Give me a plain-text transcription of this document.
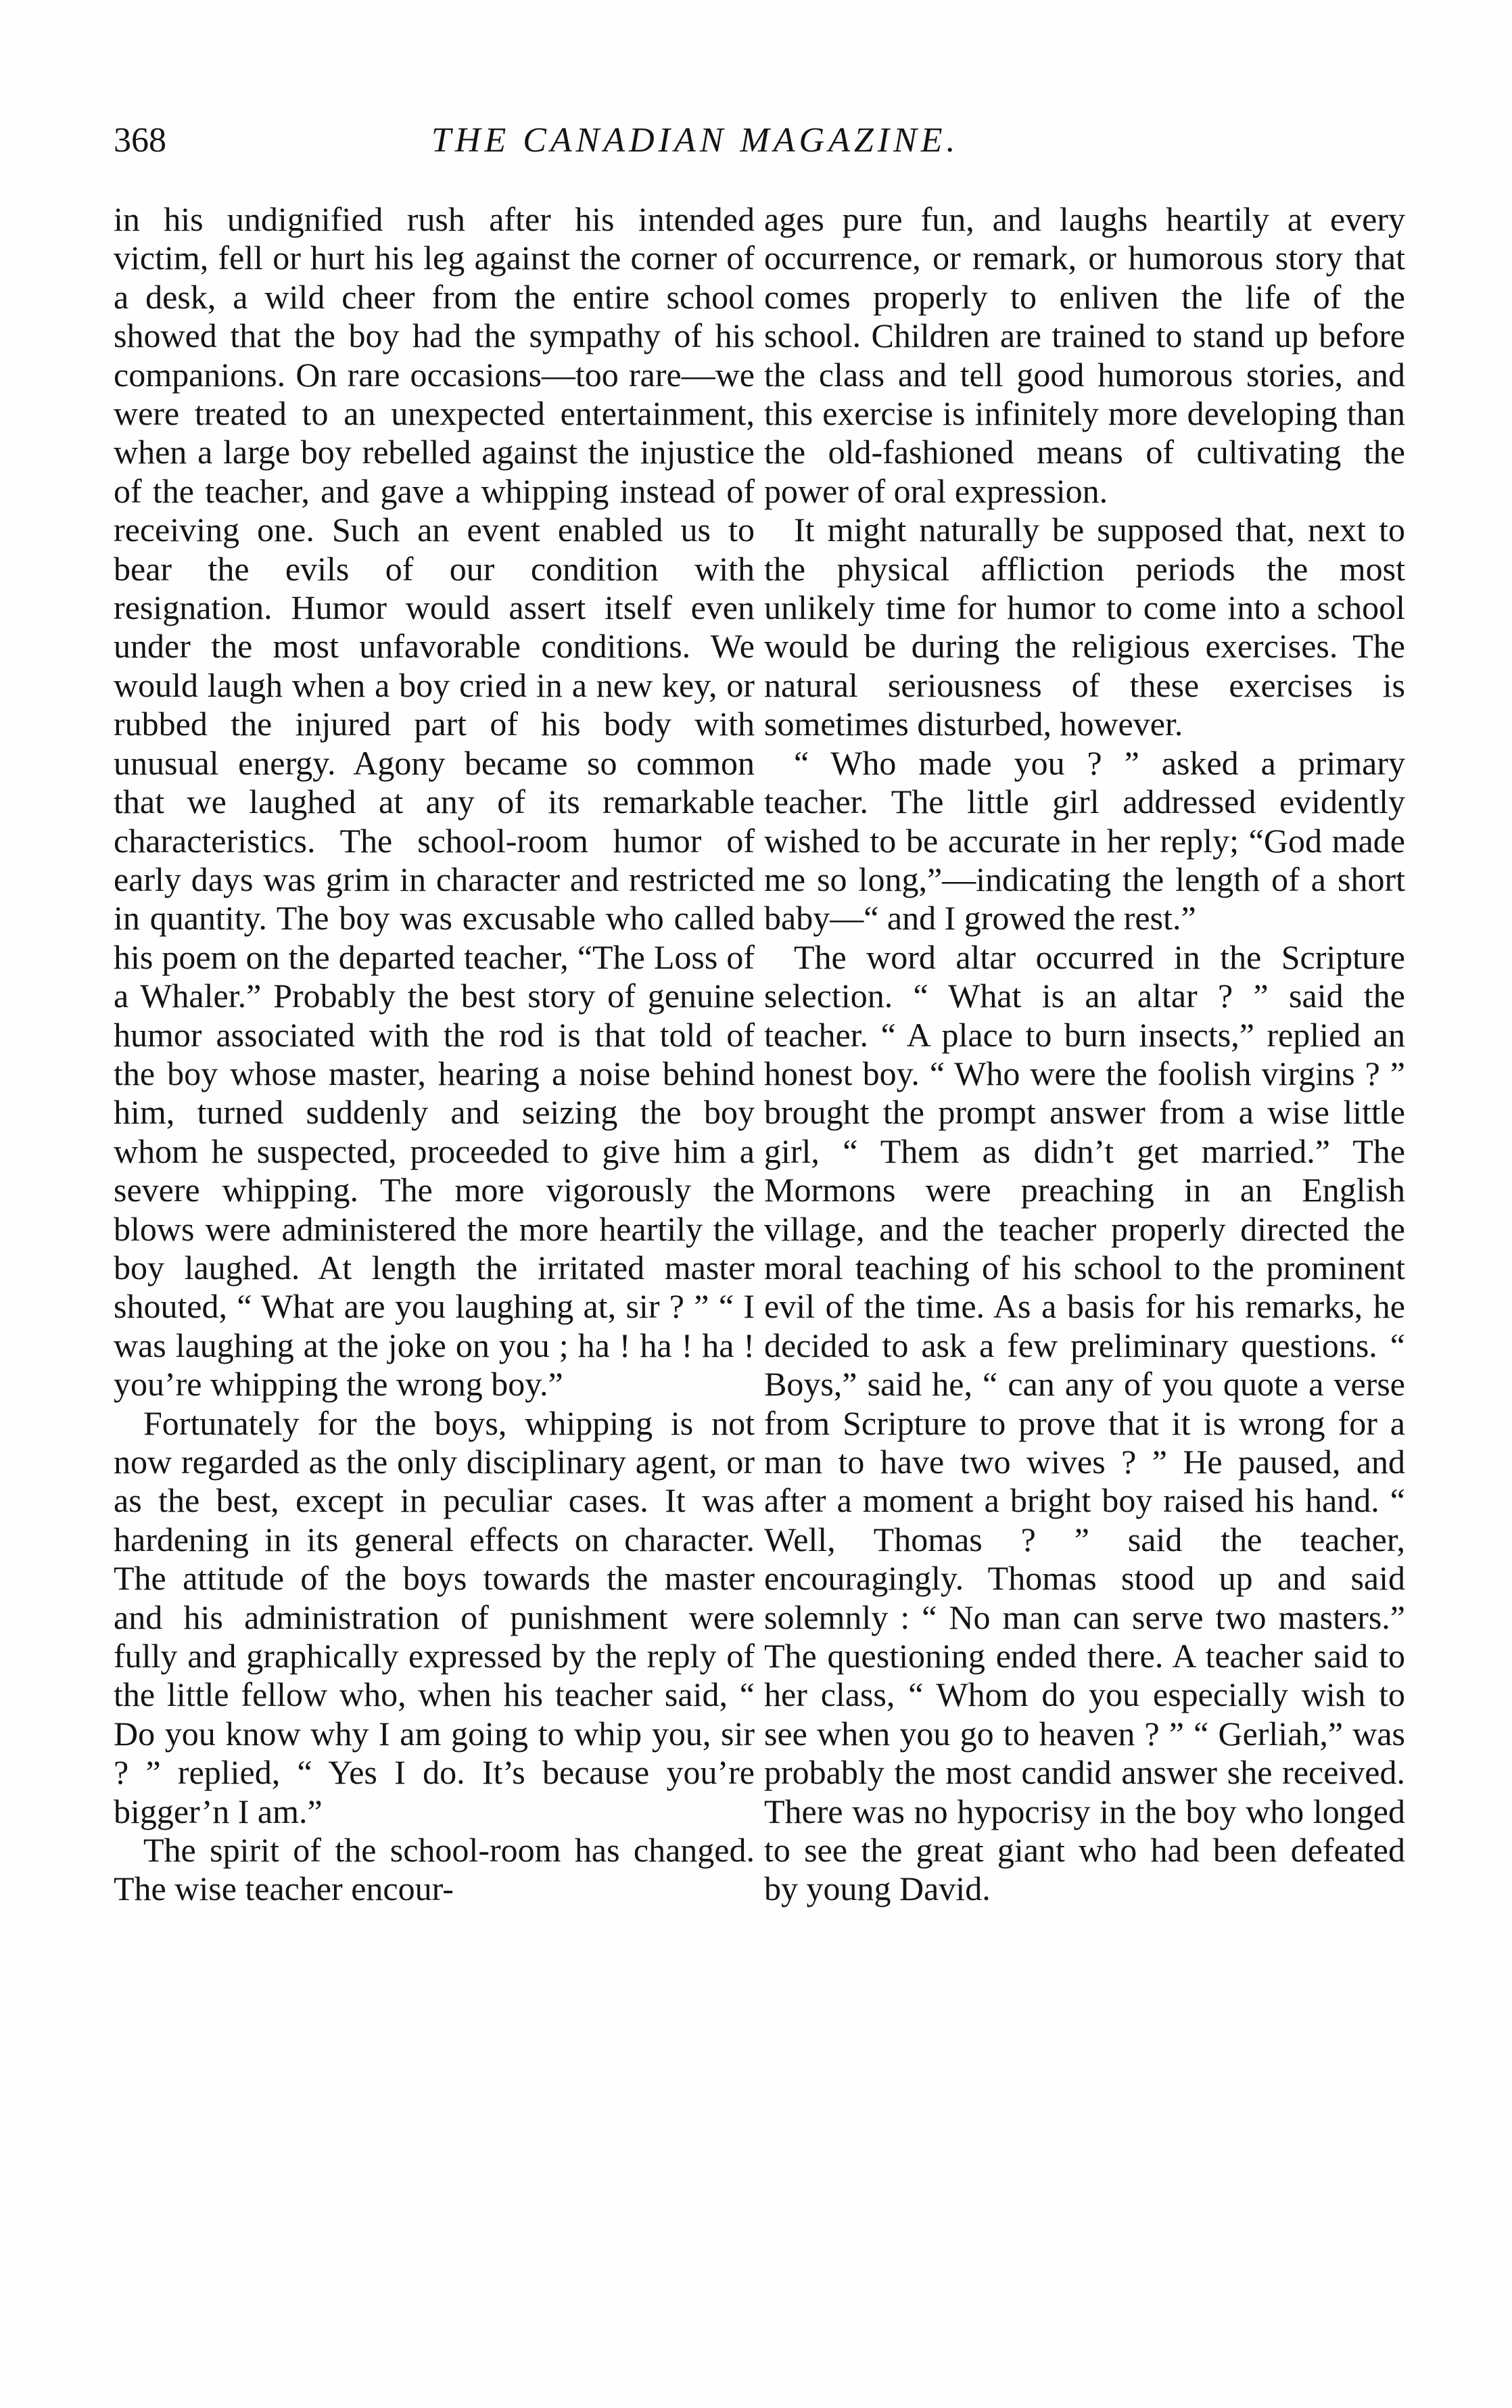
368	THE CANADIAN MAGAZINE.

in his undignified rush after his intended victim, fell or hurt his leg against the corner of a desk, a wild cheer from the entire school showed that the boy had the sympathy of his companions. On rare occasions—too rare—we were treated to an unexpected entertainment, when a large boy rebelled against the injustice of the teacher, and gave a whipping instead of receiving one. Such an event enabled us to bear the evils of our condition with resignation. Humor would assert itself even under the most unfavorable conditions. We would laugh when a boy cried in a new key, or rubbed the injured part of his body with unusual energy. Agony became so common that we laughed at any of its remarkable characteristics. The school-room humor of early days was grim in character and restricted in quantity. The boy was excusable who called his poem on the departed teacher, “The Loss of a Whaler.” Probably the best story of genuine humor associated with the rod is that told of the boy whose master, hearing a noise behind him, turned suddenly and seizing the boy whom he suspected, proceeded to give him a severe whipping. The more vigorously the blows were administered the more heartily the boy laughed. At length the irritated master shouted, “ What are you laughing at, sir ? ” “ I was laughing at the joke on you ; ha ! ha ! ha ! you’re whipping the wrong boy.”

Fortunately for the boys, whipping is not now regarded as the only disciplinary agent, or as the best, except in peculiar cases. It was hardening in its general effects on character. The attitude of the boys towards the master and his administration of punishment were fully and graphically expressed by the reply of the little fellow who, when his teacher said, “ Do you know why I am going to whip you, sir ? ” replied, “ Yes I do. It’s because you’re bigger’n I am.”

The spirit of the school-room has changed. The wise teacher encour-

ages pure fun, and laughs heartily at every occurrence, or remark, or humorous story that comes properly to enliven the life of the school. Children are trained to stand up before the class and tell good humorous stories, and this exercise is infinitely more developing than the old-fashioned means of cultivating the power of oral expression.

It might naturally be supposed that, next to the physical affliction periods the most unlikely time for humor to come into a school would be during the religious exercises. The natural seriousness of these exercises is sometimes disturbed, however.

“ Who made you ? ” asked a primary teacher. The little girl addressed evidently wished to be accurate in her reply; “God made me so long,”—indicating the length of a short baby—“ and I growed the rest.”

The word altar occurred in the Scripture selection. “ What is an altar ? ” said the teacher. “ A place to burn insects,” replied an honest boy. “ Who were the foolish virgins ? ” brought the prompt answer from a wise little girl, “ Them as didn’t get married.” The Mormons were preaching in an English village, and the teacher properly directed the moral teaching of his school to the prominent evil of the time. As a basis for his remarks, he decided to ask a few preliminary questions. “ Boys,” said he, “ can any of you quote a verse from Scripture to prove that it is wrong for a man to have two wives ? ” He paused, and after a moment a bright boy raised his hand. “ Well, Thomas ? ” said the teacher, encouragingly. Thomas stood up and said solemnly : “ No man can serve two masters.” The questioning ended there. A teacher said to her class, “ Whom do you especially wish to see when you go to heaven ? ” “ Gerliah,” was probably the most candid answer she received. There was no hypocrisy in the boy who longed to see the great giant who had been defeated by young David.
